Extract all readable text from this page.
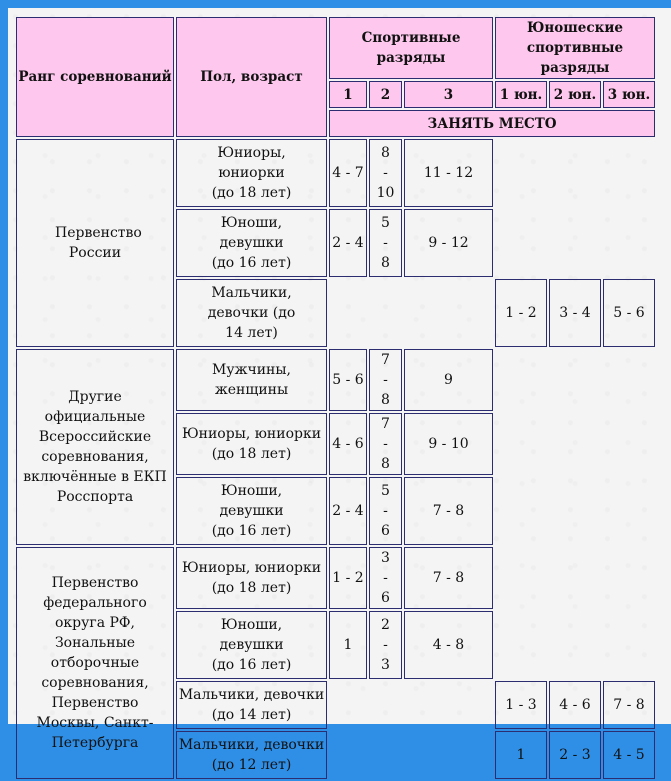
Ранг соревнований	Пол, возраст	Спортивные разряды			Юношеские спортивные разряды		
		1	2	3	1 юн.	2 юн.	3 юн.
		ЗАНЯТЬ МЕСТО					

Первенство России	Юниоры, юниорки (до 18 лет)	4 - 7	8 - 10	11 - 12			

	Юноши, девушки (до 16 лет)	2 - 4	5 - 8	9 - 12			

	Мальчики, девочки (до 14 лет)				1 - 2	3 - 4	5 - 6

Другие официальные Всероссийские соревнования, включённые в ЕКП Росспорта	Мужчины, женщины	5 - 6	7 - 8	9			

	Юниоры, юниорки (до 18 лет)	4 - 6	7 - 8	9 - 10			

	Юноши, девушки (до 16 лет)	2 - 4	5 - 6	7 - 8			

Первенство федерального округа РФ, Зональные отборочные соревнования, Первенство Москвы, Санкт-Петербурга	Юниоры, юниорки (до 18 лет)	1 - 2	3 - 6	7 - 8			

	Юноши, девушки (до 16 лет)	1	2 - 3	4 - 8			

	Мальчики, девочки (до 14 лет)				1 - 3	4 - 6	7 - 8

	Мальчики, девочки (до 12 лет)				1	2 - 3	4 - 5
